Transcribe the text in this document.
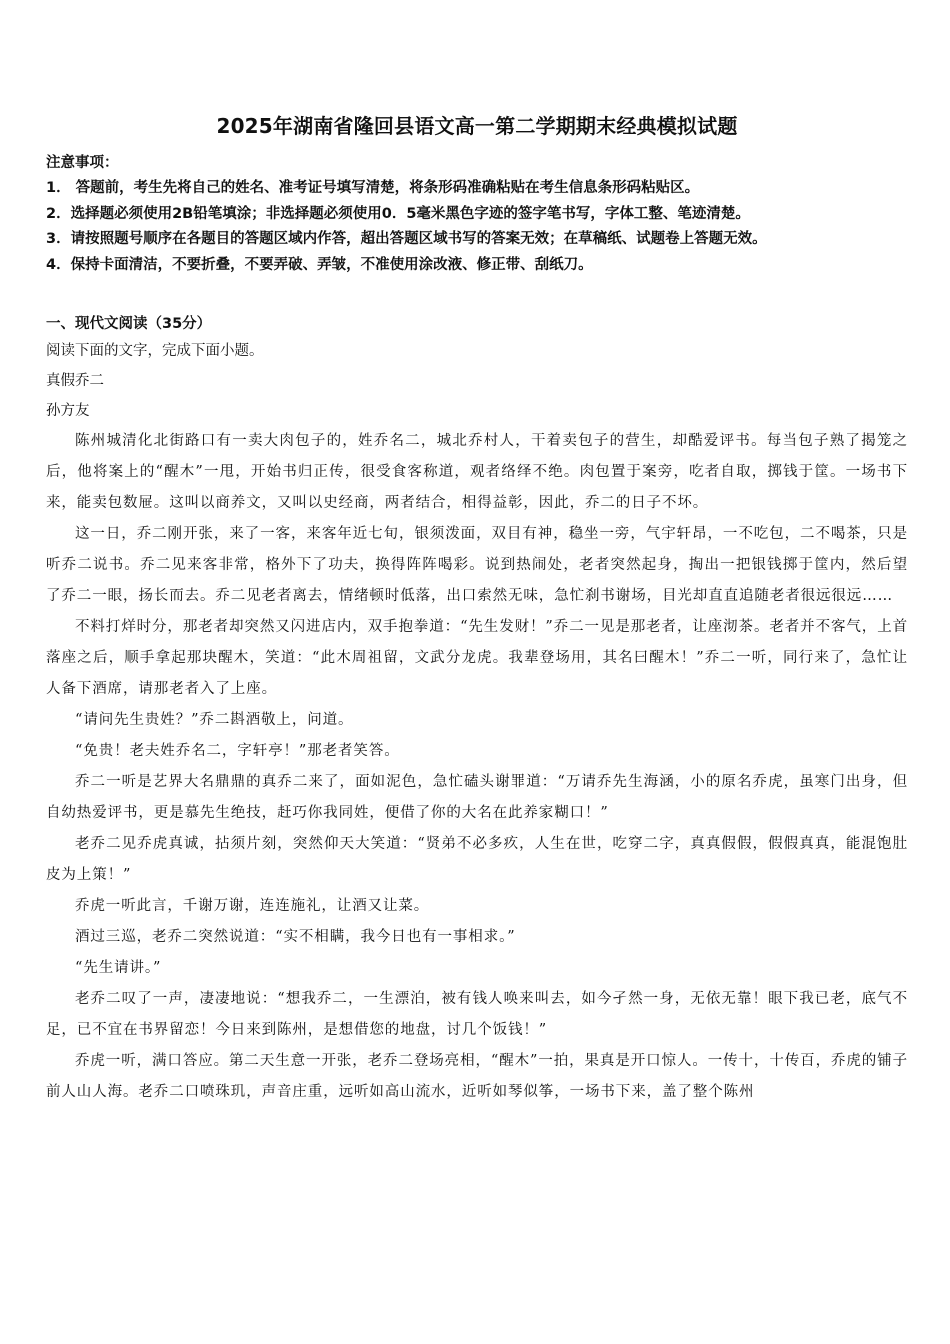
2025年湖南省隆回县语文高一第二学期期末经典模拟试题

注意事项：

1． 答题前，考生先将自己的姓名、准考证号填写清楚，将条形码准确粘贴在考生信息条形码粘贴区。

2．选择题必须使用2B铅笔填涂；非选择题必须使用0．5毫米黑色字迹的签字笔书写，字体工整、笔迹清楚。

3．请按照题号顺序在各题目的答题区域内作答，超出答题区域书写的答案无效；在草稿纸、试题卷上答题无效。

4．保持卡面清洁，不要折叠，不要弄破、弄皱，不准使用涂改液、修正带、刮纸刀。

一、现代文阅读（35分）

阅读下面的文字，完成下面小题。

真假乔二

孙方友

陈州城清化北街路口有一卖大肉包子的，姓乔名二，城北乔村人，干着卖包子的营生，却酷爱评书。每当包子熟了揭笼之后，他将案上的“醒木”一甩，开始书归正传，很受食客称道，观者络绎不绝。肉包置于案旁，吃者自取，掷钱于筐。一场书下来，能卖包数屉。这叫以商养文，又叫以史经商，两者结合，相得益彰，因此，乔二的日子不坏。

这一日，乔二刚开张，来了一客，来客年近七旬，银须泼面，双目有神，稳坐一旁，气宇轩昂，一不吃包，二不喝茶，只是听乔二说书。乔二见来客非常，格外下了功夫，换得阵阵喝彩。说到热闹处，老者突然起身，掏出一把银钱掷于筐内，然后望了乔二一眼，扬长而去。乔二见老者离去，情绪顿时低落，出口索然无味，急忙刹书谢场，目光却直直追随老者很远很远……

不料打烊时分，那老者却突然又闪进店内，双手抱拳道：“先生发财！”乔二一见是那老者，让座沏茶。老者并不客气，上首落座之后，顺手拿起那块醒木，笑道：“此木周祖留，文武分龙虎。我辈登场用，其名曰醒木！”乔二一听，同行来了，急忙让人备下酒席，请那老者入了上座。

“请问先生贵姓？”乔二斟酒敬上，问道。

“免贵！老夫姓乔名二，字轩亭！”那老者笑答。

乔二一听是艺界大名鼎鼎的真乔二来了，面如泥色，急忙磕头谢罪道：“万请乔先生海涵，小的原名乔虎，虽寒门出身，但自幼热爱评书，更是慕先生绝技，赶巧你我同姓，便借了你的大名在此养家糊口！”

老乔二见乔虎真诚，拈须片刻，突然仰天大笑道：“贤弟不必多疚，人生在世，吃穿二字，真真假假，假假真真，能混饱肚皮为上策！”

乔虎一听此言，千谢万谢，连连施礼，让酒又让菜。

酒过三巡，老乔二突然说道：“实不相瞒，我今日也有一事相求。”

“先生请讲。”

老乔二叹了一声，凄凄地说：“想我乔二，一生漂泊，被有钱人唤来叫去，如今孑然一身，无依无靠！眼下我已老，底气不足，已不宜在书界留恋！今日来到陈州，是想借您的地盘，讨几个饭钱！”

乔虎一听，满口答应。第二天生意一开张，老乔二登场亮相，“醒木”一拍，果真是开口惊人。一传十，十传百，乔虎的铺子前人山人海。老乔二口喷珠玑，声音庄重，远听如高山流水，近听如琴似筝，一场书下来，盖了整个陈州
